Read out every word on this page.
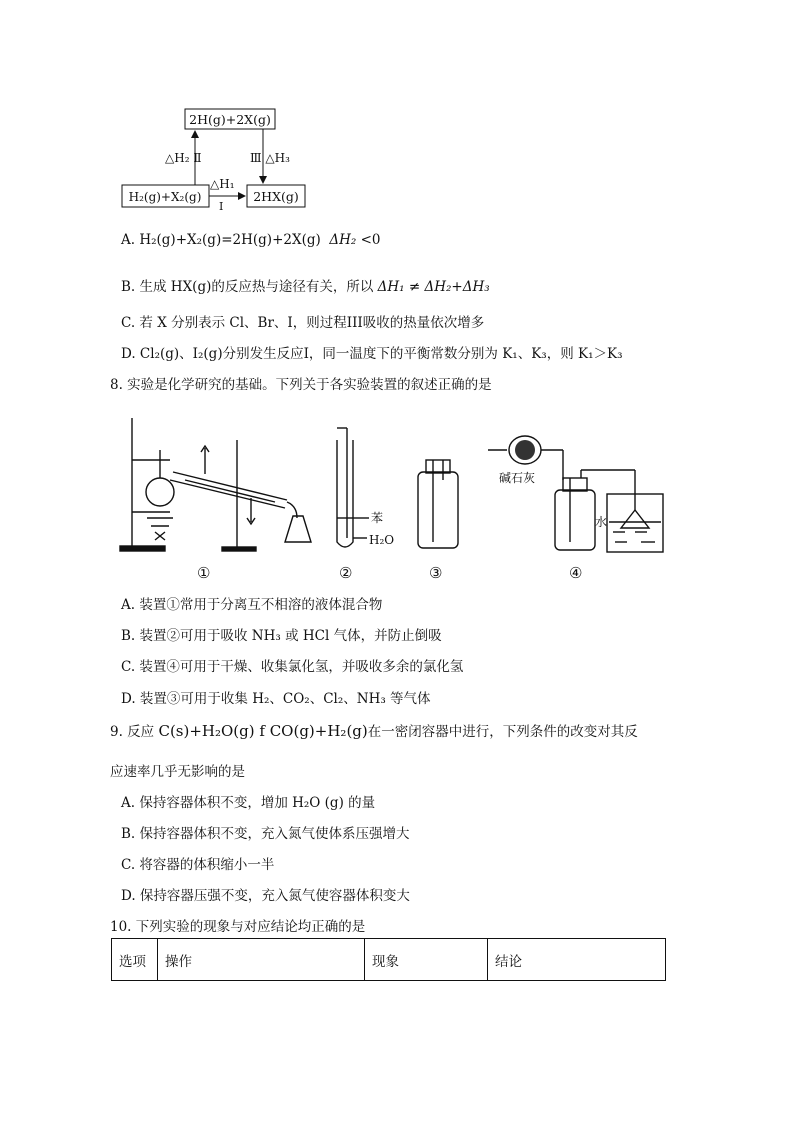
2H(g)+2X(g)
H₂(g)+X₂(g)	2HX(g)
△H₂ Ⅱ	Ⅲ △H₃
△H₁
Ⅰ
A. H₂(g)+X₂(g)=2H(g)+2X(g) ΔH₂ <0
B. 生成 HX(g)的反应热与途径有关，所以 ΔH₁ ≠ ΔH₂+ΔH₃
C. 若 X 分别表示 Cl、Br、I，则过程III吸收的热量依次增多
D. Cl₂(g)、I₂(g)分别发生反应Ⅰ，同一温度下的平衡常数分别为 K₁、K₃，则 K₁＞K₃
8. 实验是化学研究的基础。下列关于各实验装置的叙述正确的是
①	②	③	④
苯
H₂O
碱石灰
水
A. 装置①常用于分离互不相溶的液体混合物
B. 装置②可用于吸收 NH₃ 或 HCl 气体，并防止倒吸
C. 装置④可用于干燥、收集氯化氢，并吸收多余的氯化氢
D. 装置③可用于收集 H₂、CO₂、Cl₂、NH₃ 等气体
9. 反应 C(s)+H₂O(g) f CO(g)+H₂(g)在一密闭容器中进行，下列条件的改变对其反
应速率几乎无影响的是
A. 保持容器体积不变，增加 H₂O (g) 的量
B. 保持容器体积不变，充入氮气使体系压强增大
C. 将容器的体积缩小一半
D. 保持容器压强不变，充入氮气使容器体积变大
10. 下列实验的现象与对应结论均正确的是
选项	操作	现象	结论
